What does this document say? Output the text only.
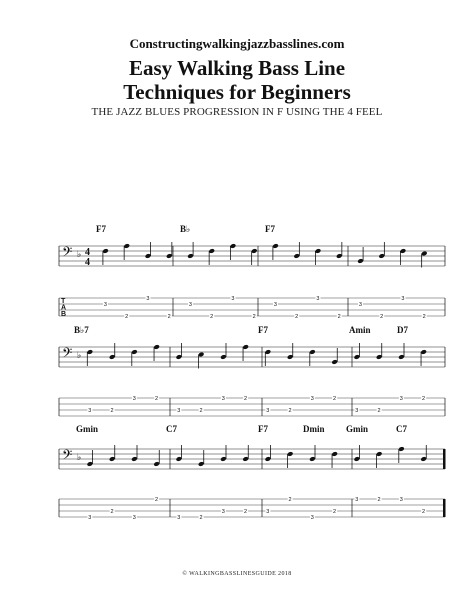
Constructingwalkingjazzbasslines.com
Easy Walking Bass Line
Techniques for Beginners
THE JAZZ BLUES PROGRESSION IN F USING THE 4 FEEL
𝄢 ♭ 4
4
T
A
B
F7	B♭	F7
3
2
3
2
3
2
3
2
3
2
3
2
3
2
3
2
𝄢 ♭
B♭7	F7	Amin	D7
3	2
3	2
3	2
3	2
3	2
3	2
3	2
3	2
𝄢 ♭
Gmin	C7	F7	Dmin Gmin	C7
3
2
3
2
3	2
3	2	3
2
3
2
3	2	3
2
© WALKINGBASSLINESGUIDE 2018
